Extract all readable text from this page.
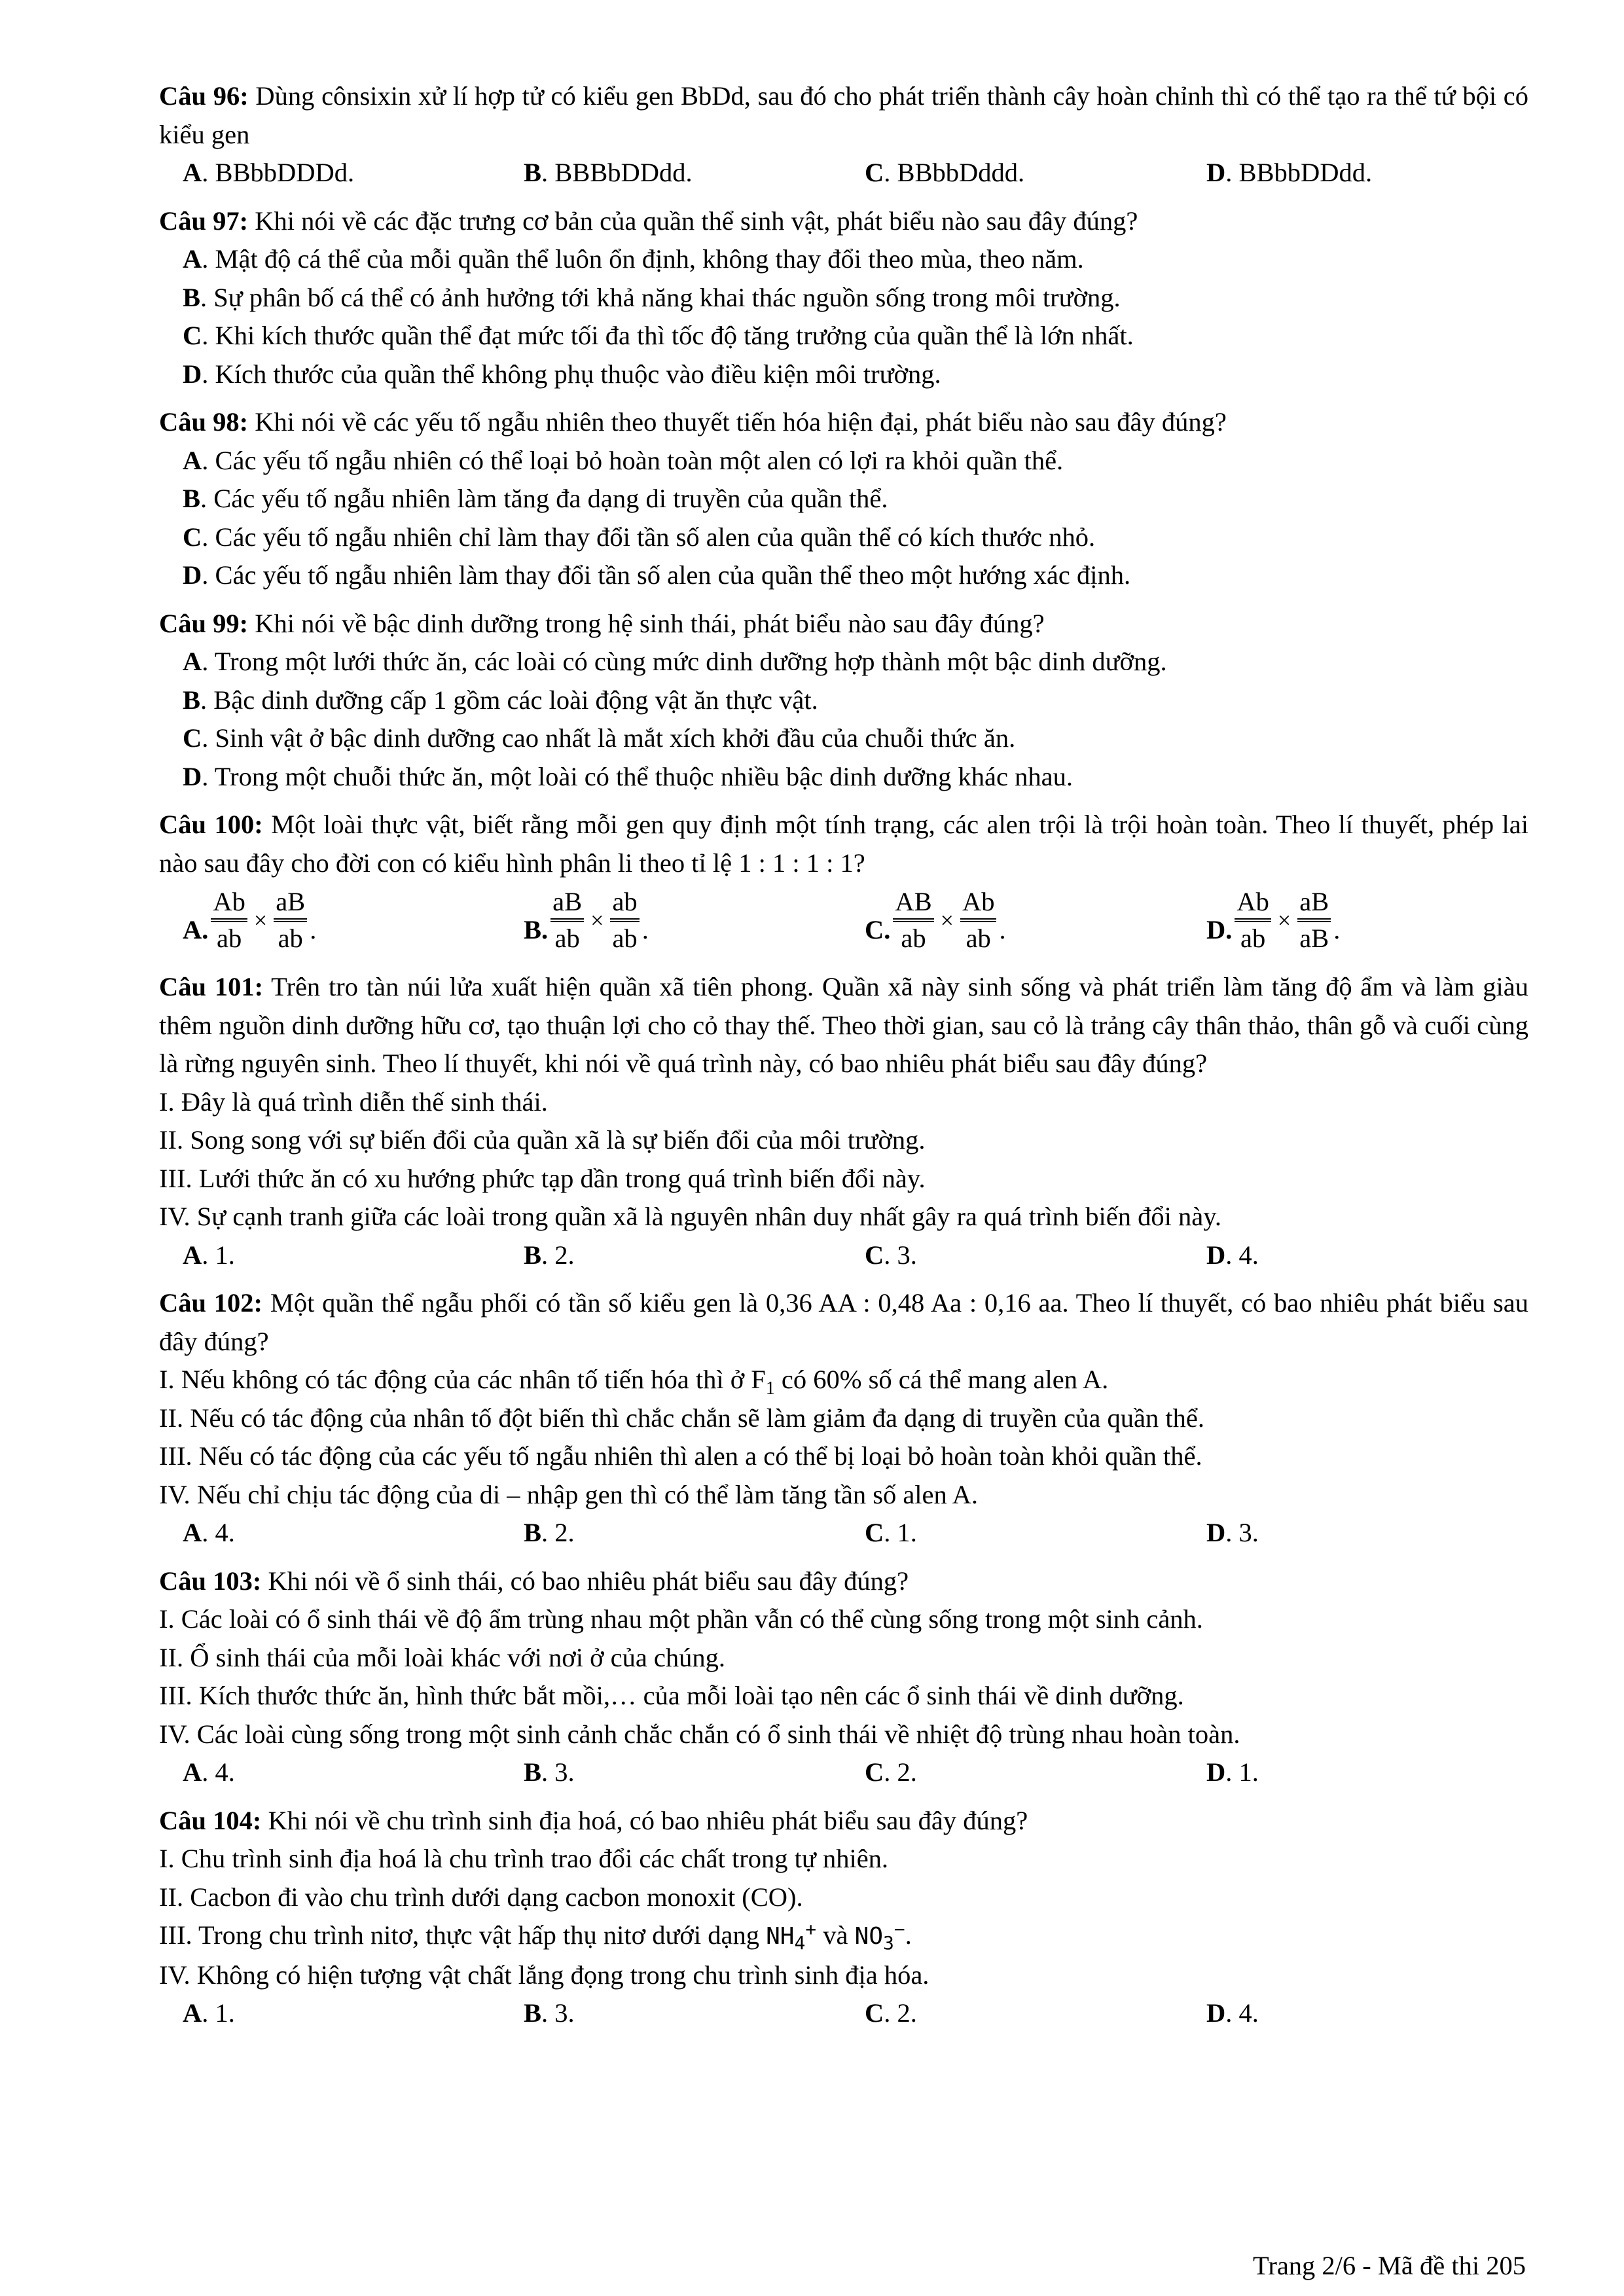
Câu 96: Dùng cônsixin xử lí hợp tử có kiểu gen BbDd, sau đó cho phát triển thành cây hoàn chỉnh thì có thể tạo ra thể tứ bội có kiểu gen
A. BBbbDDDd.	B. BBBbDDdd.	C. BBbbDddd.	D. BBbbDDdd.
Câu 97: Khi nói về các đặc trưng cơ bản của quần thể sinh vật, phát biểu nào sau đây đúng?
A. Mật độ cá thể của mỗi quần thể luôn ổn định, không thay đổi theo mùa, theo năm.
B. Sự phân bố cá thể có ảnh hưởng tới khả năng khai thác nguồn sống trong môi trường.
C. Khi kích thước quần thể đạt mức tối đa thì tốc độ tăng trưởng của quần thể là lớn nhất.
D. Kích thước của quần thể không phụ thuộc vào điều kiện môi trường.
Câu 98: Khi nói về các yếu tố ngẫu nhiên theo thuyết tiến hóa hiện đại, phát biểu nào sau đây đúng?
A. Các yếu tố ngẫu nhiên có thể loại bỏ hoàn toàn một alen có lợi ra khỏi quần thể.
B. Các yếu tố ngẫu nhiên làm tăng đa dạng di truyền của quần thể.
C. Các yếu tố ngẫu nhiên chỉ làm thay đổi tần số alen của quần thể có kích thước nhỏ.
D. Các yếu tố ngẫu nhiên làm thay đổi tần số alen của quần thể theo một hướng xác định.
Câu 99: Khi nói về bậc dinh dưỡng trong hệ sinh thái, phát biểu nào sau đây đúng?
A. Trong một lưới thức ăn, các loài có cùng mức dinh dưỡng hợp thành một bậc dinh dưỡng.
B. Bậc dinh dưỡng cấp 1 gồm các loài động vật ăn thực vật.
C. Sinh vật ở bậc dinh dưỡng cao nhất là mắt xích khởi đầu của chuỗi thức ăn.
D. Trong một chuỗi thức ăn, một loài có thể thuộc nhiều bậc dinh dưỡng khác nhau.
Câu 100: Một loài thực vật, biết rằng mỗi gen quy định một tính trạng, các alen trội là trội hoàn toàn. Theo lí thuyết, phép lai nào sau đây cho đời con có kiểu hình phân li theo tỉ lệ 1 : 1 : 1 : 1?
A.
Ab
ab
×
aB
ab .	B.
aB
ab
×
ab
ab .	C.
AB
ab
×
Ab
ab .	D.
Ab
ab
×
aB
aB .
Câu 101: Trên tro tàn núi lửa xuất hiện quần xã tiên phong. Quần xã này sinh sống và phát triển làm tăng độ ẩm và làm giàu thêm nguồn dinh dưỡng hữu cơ, tạo thuận lợi cho cỏ thay thế. Theo thời gian, sau cỏ là trảng cây thân thảo, thân gỗ và cuối cùng là rừng nguyên sinh. Theo lí thuyết, khi nói về quá trình này, có bao nhiêu phát biểu sau đây đúng?
I. Đây là quá trình diễn thế sinh thái.
II. Song song với sự biến đổi của quần xã là sự biến đổi của môi trường.
III. Lưới thức ăn có xu hướng phức tạp dần trong quá trình biến đổi này.
IV. Sự cạnh tranh giữa các loài trong quần xã là nguyên nhân duy nhất gây ra quá trình biến đổi này.
A. 1.	B. 2.	C. 3.	D. 4.
Câu 102: Một quần thể ngẫu phối có tần số kiểu gen là 0,36 AA : 0,48 Aa : 0,16 aa. Theo lí thuyết, có bao nhiêu phát biểu sau đây đúng?
I. Nếu không có tác động của các nhân tố tiến hóa thì ở $F_1$ có 60% số cá thể mang alen A.
II. Nếu có tác động của nhân tố đột biến thì chắc chắn sẽ làm giảm đa dạng di truyền của quần thể.
III. Nếu có tác động của các yếu tố ngẫu nhiên thì alen a có thể bị loại bỏ hoàn toàn khỏi quần thể.
IV. Nếu chỉ chịu tác động của di – nhập gen thì có thể làm tăng tần số alen A.
A. 4.	B. 2.	C. 1.	D. 3.
Câu 103: Khi nói về ổ sinh thái, có bao nhiêu phát biểu sau đây đúng?
I. Các loài có ổ sinh thái về độ ẩm trùng nhau một phần vẫn có thể cùng sống trong một sinh cảnh.
II. Ổ sinh thái của mỗi loài khác với nơi ở của chúng.
III. Kích thước thức ăn, hình thức bắt mồi,… của mỗi loài tạo nên các ổ sinh thái về dinh dưỡng.
IV. Các loài cùng sống trong một sinh cảnh chắc chắn có ổ sinh thái về nhiệt độ trùng nhau hoàn toàn.
A. 4.	B. 3.	C. 2.	D. 1.
Câu 104: Khi nói về chu trình sinh địa hoá, có bao nhiêu phát biểu sau đây đúng?
I. Chu trình sinh địa hoá là chu trình trao đổi các chất trong tự nhiên.
II. Cacbon đi vào chu trình dưới dạng cacbon monoxit (CO).
III. Trong chu trình nitơ, thực vật hấp thụ nitơ dưới dạng $NH_4^+$ và $NO_3^-$.
IV. Không có hiện tượng vật chất lắng đọng trong chu trình sinh địa hóa.
A. 1.	B. 3.	C. 2.	D. 4.
Trang 2/6 - Mã đề thi 205
